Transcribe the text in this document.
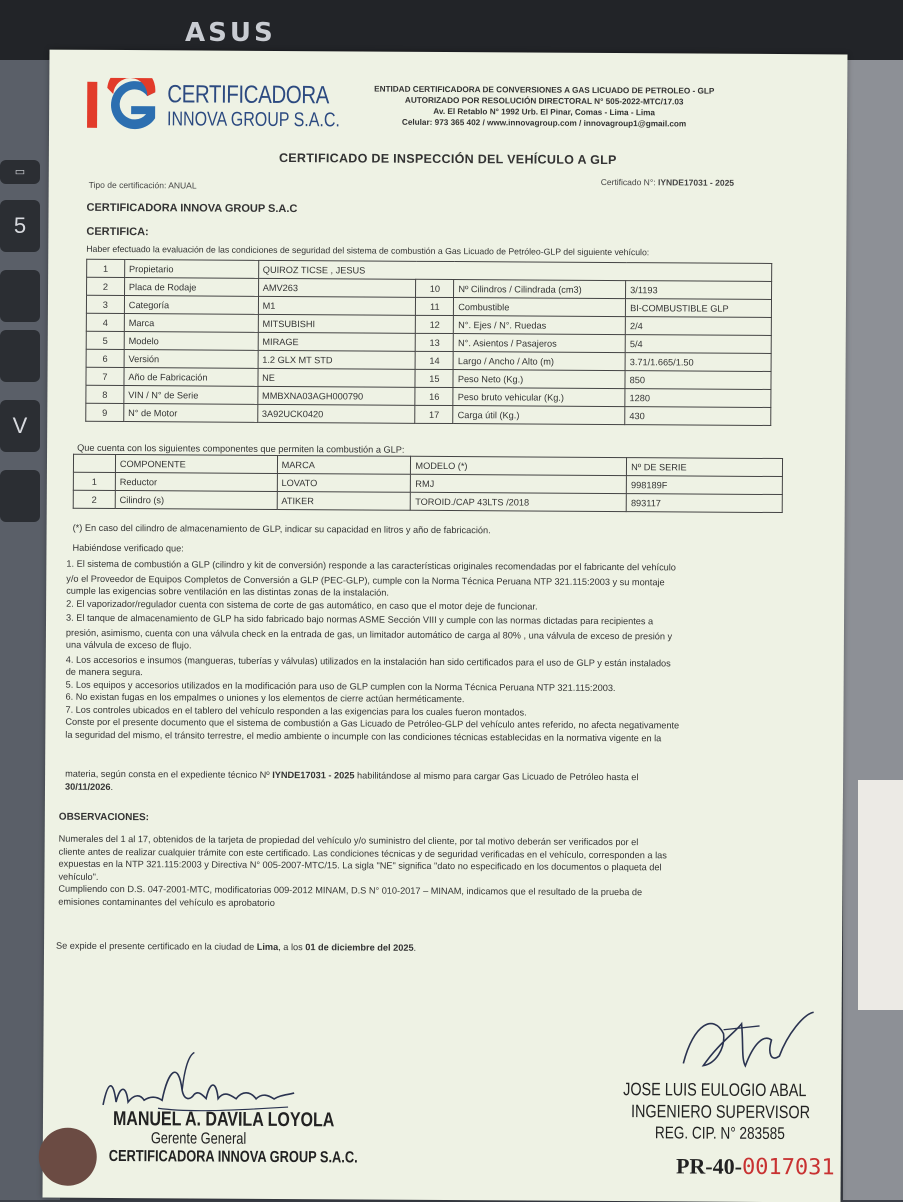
ASUS
▭
5
V
CERTIFICADORA
INNOVA GROUP S.A.C.
ENTIDAD CERTIFICADORA DE CONVERSIONES A GAS LICUADO DE PETROLEO - GLP
AUTORIZADO POR RESOLUCIÓN DIRECTORAL N° 505-2022-MTC/17.03
Av. El Retablo N° 1992 Urb. El Pinar, Comas - Lima - Lima
Celular: 973 365 402 / www.innovagroup.com / innovagroup1@gmail.com
CERTIFICADO DE INSPECCIÓN DEL VEHÍCULO A GLP
Tipo de certificación: ANUAL	Certificado N°: IYNDE17031 - 2025
CERTIFICADORA INNOVA GROUP S.A.C
CERTIFICA:
Haber efectuado la evaluación de las condiciones de seguridad del sistema de combustión a Gas Licuado de Petróleo-GLP del siguiente vehículo:
1	Propietario	QUIROZ TICSE , JESUS			
2	Placa de Rodaje	AMV263	10	Nº Cilindros / Cilindrada (cm3)	3/1193
3	Categoría	M1	11	Combustible	BI-COMBUSTIBLE GLP
4	Marca	MITSUBISHI	12	N°. Ejes / N°. Ruedas	2/4
5	Modelo	MIRAGE	13	N°. Asientos / Pasajeros	5/4
6	Versión	1.2 GLX MT STD	14	Largo / Ancho / Alto (m)	3.71/1.665/1.50
7	Año de Fabricación	NE	15	Peso Neto (Kg.)	850
8	VIN / N° de Serie	MMBXNA03AGH000790	16	Peso bruto vehicular (Kg.)	1280
9	N° de Motor	3A92UCK0420	17	Carga útil (Kg.)	430
Que cuenta con los siguientes componentes que permiten la combustión a GLP:
	COMPONENTE	MARCA	MODELO (*)	Nº DE SERIE
1	Reductor	LOVATO	RMJ	998189F
2	Cilindro (s)	ATIKER	TOROID./CAP 43LTS /2018	893117
(*) En caso del cilindro de almacenamiento de GLP, indicar su capacidad en litros y año de fabricación.
Habiéndose verificado que:
1. El sistema de combustión a GLP (cilindro y kit de conversión) responde a las características originales recomendadas por el fabricante del vehículo
y/o el Proveedor de Equipos Completos de Conversión a GLP (PEC-GLP), cumple con la Norma Técnica Peruana NTP 321.115:2003 y su montaje
cumple las exigencias sobre ventilación en las distintas zonas de la instalación.
2. El vaporizador/regulador cuenta con sistema de corte de gas automático, en caso que el motor deje de funcionar.
3. El tanque de almacenamiento de GLP ha sido fabricado bajo normas ASME Sección VIII y cumple con las normas dictadas para recipientes a
presión, asimismo, cuenta con una válvula check en la entrada de gas, un limitador automático de carga al 80% , una válvula de exceso de presión y
una válvula de exceso de flujo.
4. Los accesorios e insumos (mangueras, tuberías y válvulas) utilizados en la instalación han sido certificados para el uso de GLP y están instalados
de manera segura.
5. Los equipos y accesorios utilizados en la modificación para uso de GLP cumplen con la Norma Técnica Peruana NTP 321.115:2003.
6. No existan fugas en los empalmes o uniones y los elementos de cierre actúan herméticamente.
7. Los controles ubicados en el tablero del vehículo responden a las exigencias para los cuales fueron montados.
Conste por el presente documento que el sistema de combustión a Gas Licuado de Petróleo-GLP del vehículo antes referido, no afecta negativamente
la seguridad del mismo, el tránsito terrestre, el medio ambiente o incumple con las condiciones técnicas establecidas en la normativa vigente en la
materia, según consta en el expediente técnico Nº IYNDE17031 - 2025 habilitándose al mismo para cargar Gas Licuado de Petróleo hasta el
30/11/2026.
OBSERVACIONES:
Numerales del 1 al 17, obtenidos de la tarjeta de propiedad del vehículo y/o suministro del cliente, por tal motivo deberán ser verificados por el
cliente antes de realizar cualquier trámite con este certificado. Las condiciones técnicas y de seguridad verificadas en el vehículo, corresponden a las
expuestas en la NTP 321.115:2003 y Directiva N° 005-2007-MTC/15. La sigla "NE" significa "dato no especificado en los documentos o plaqueta del
vehículo".
Cumpliendo con D.S. 047-2001-MTC, modificatorias 009-2012 MINAM, D.S N° 010-2017 – MINAM, indicamos que el resultado de la prueba de
emisiones contaminantes del vehículo es aprobatorio
Se expide el presente certificado en la ciudad de Lima, a los 01 de diciembre del 2025.
MANUEL A. DAVILA LOYOLA
Gerente General
CERTIFICADORA INNOVA GROUP S.A.C.
JOSE LUIS EULOGIO ABAL
INGENIERO SUPERVISOR
REG. CIP. N° 283585
PR-40-0017031
